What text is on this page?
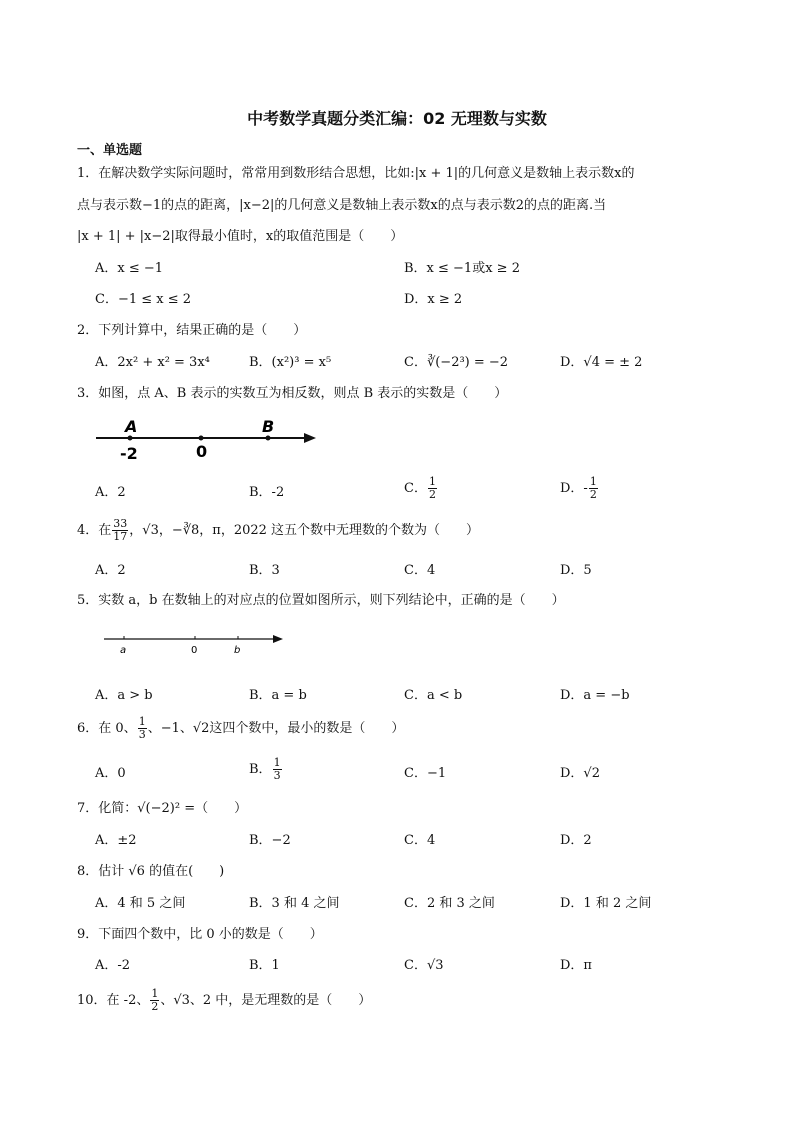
中考数学真题分类汇编：02 无理数与实数
一、单选题
1．在解决数学实际问题时，常常用到数形结合思想，比如:|x + 1|的几何意义是数轴上表示数x的
点与表示数−1的点的距离，|x−2|的几何意义是数轴上表示数x的点与表示数2的点的距离.当
|x + 1| + |x−2|取得最小值时，x的取值范围是（　　）
A．x ≤ −1	B．x ≤ −1或x ≥ 2
C．−1 ≤ x ≤ 2	D．x ≥ 2
2．下列计算中，结果正确的是（　　）
A．2x² + x² = 3x⁴	B．(x²)³ = x⁵	C．∛(−2³) = −2	D．√4 = ± 2
3．如图，点 A、B 表示的实数互为相反数，则点 B 表示的实数是（　　）
A	B
-2	0
A．2	B．-2	C． $\frac{1}{2}$	D．- $\frac{1}{2}$
4．在 $\frac{33}{17}$ ，√3，−∛8，π，2022 这五个数中无理数的个数为（　　）
A．2	B．3	C．4	D．5
5．实数 a，b 在数轴上的对应点的位置如图所示，则下列结论中，正确的是（　　）
a	0	b
A．a > b	B．a = b	C．a < b	D．a = −b
6．在 0、 $\frac{1}{3}$ 、−1、√2这四个数中，最小的数是（　　）
A．0	B． $\frac{1}{3}$	C．−1	D．√2
7．化简：√(−2)² =（　　）
A．±2	B．−2	C．4	D．2
8．估计 √6 的值在(　　)
A．4 和 5 之间	B．3 和 4 之间	C．2 和 3 之间	D．1 和 2 之间
9．下面四个数中，比 0 小的数是（　　）
A．-2	B．1	C．√3	D．π
10．在 -2、 $\frac{1}{2}$ 、√3、2 中，是无理数的是（　　）
